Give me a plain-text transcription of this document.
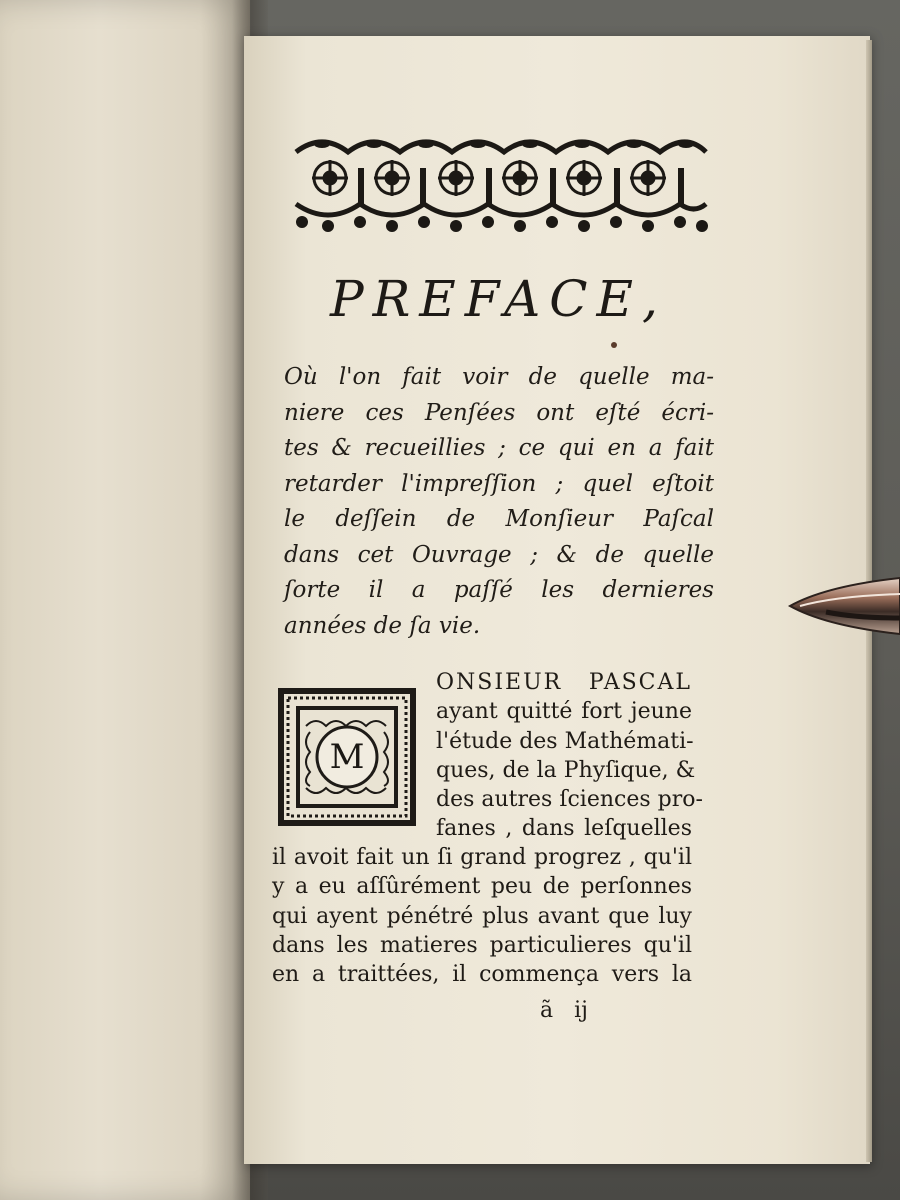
PREFACE,
Où l'on fait voir de quelle ma-
niere ces Penſées ont eſté écri-
tes & recueillies ; ce qui en a fait
retarder l'impreſſion ; quel eſtoit
le deſſein de Monſieur Paſcal
dans cet Ouvrage ; & de quelle
ſorte il a paſſé les dernieres
années de ſa vie.
M
ONSIEUR PASCAL
ayant quitté fort jeune
l'étude des Mathémati-
ques, de la Phyſique, &
des autres ſciences pro-
fanes , dans leſquelles
il avoit fait un ſi grand progrez , qu'il
y a eu aſſûrément peu de perſonnes
qui ayent pénétré plus avant que luy
dans les matieres particulieres qu'il
en a traittées, il commença vers la
ã ij
